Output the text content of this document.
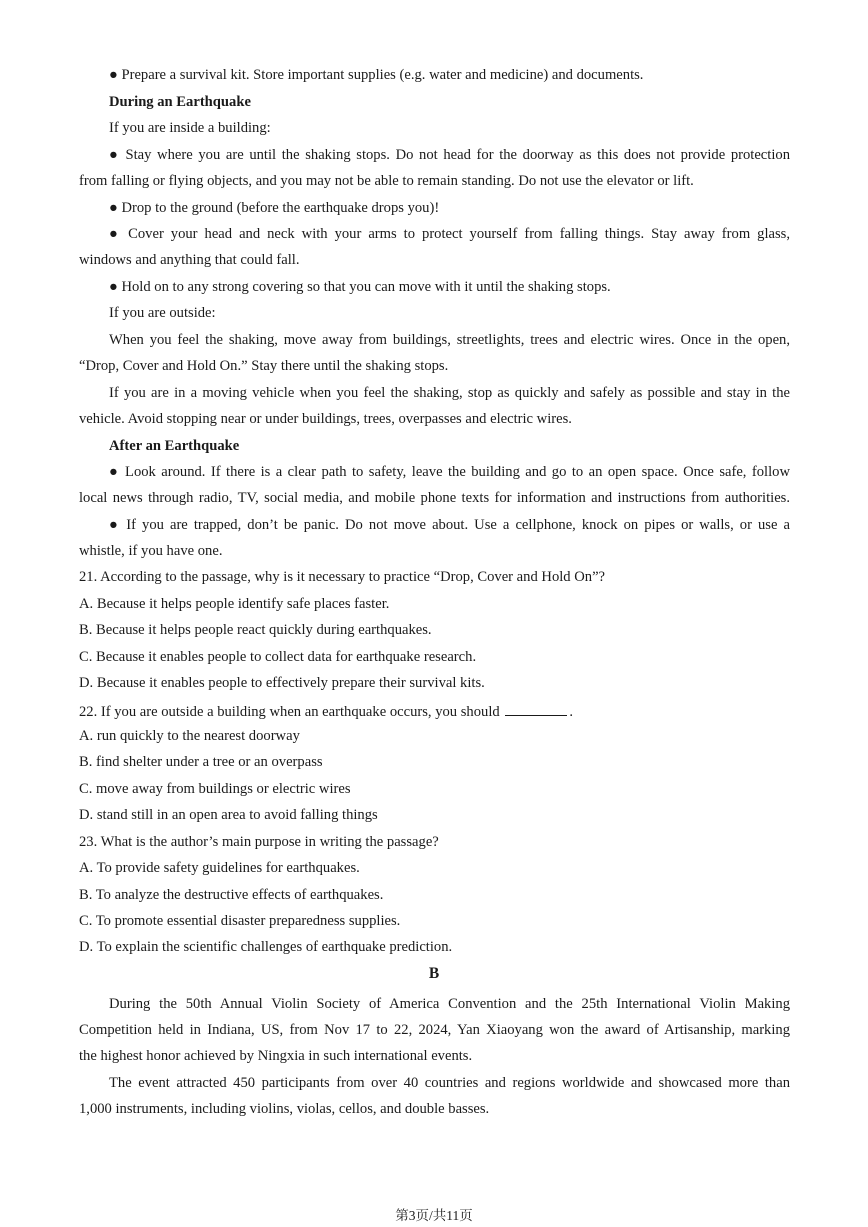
● Prepare a survival kit. Store important supplies (e.g. water and medicine) and documents.
During an Earthquake
If you are inside a building:
● Stay where you are until the shaking stops. Do not head for the doorway as this does not provide protection
from falling or flying objects, and you may not be able to remain standing. Do not use the elevator or lift.
● Drop to the ground (before the earthquake drops you)!
● Cover your head and neck with your arms to protect yourself from falling things. Stay away from glass,
windows and anything that could fall.
● Hold on to any strong covering so that you can move with it until the shaking stops.
If you are outside:
When you feel the shaking, move away from buildings, streetlights, trees and electric wires. Once in the open,
“Drop, Cover and Hold On.” Stay there until the shaking stops.
If you are in a moving vehicle when you feel the shaking, stop as quickly and safely as possible and stay in the
vehicle. Avoid stopping near or under buildings, trees, overpasses and electric wires.
After an Earthquake
● Look around. If there is a clear path to safety, leave the building and go to an open space. Once safe, follow
local news through radio, TV, social media, and mobile phone texts for information and instructions from authorities.
● If you are trapped, don’t be panic. Do not move about. Use a cellphone, knock on pipes or walls, or use a
whistle, if you have one.
21. According to the passage, why is it necessary to practice “Drop, Cover and Hold On”?
A. Because it helps people identify safe places faster.
B. Because it helps people react quickly during earthquakes.
C. Because it enables people to collect data for earthquake research.
D. Because it enables people to effectively prepare their survival kits.
22. If you are outside a building when an earthquake occurs, you should	.
A. run quickly to the nearest doorway
B. find shelter under a tree or an overpass
C. move away from buildings or electric wires
D. stand still in an open area to avoid falling things
23. What is the author’s main purpose in writing the passage?
A. To provide safety guidelines for earthquakes.
B. To analyze the destructive effects of earthquakes.
C. To promote essential disaster preparedness supplies.
D. To explain the scientific challenges of earthquake prediction.
B
During the 50th Annual Violin Society of America Convention and the 25th International Violin Making
Competition held in Indiana, US, from Nov 17 to 22, 2024, Yan Xiaoyang won the award of Artisanship, marking
the highest honor achieved by Ningxia in such international events.
The event attracted 450 participants from over 40 countries and regions worldwide and showcased more than
1,000 instruments, including violins, violas, cellos, and double basses.
第3页/共11页
